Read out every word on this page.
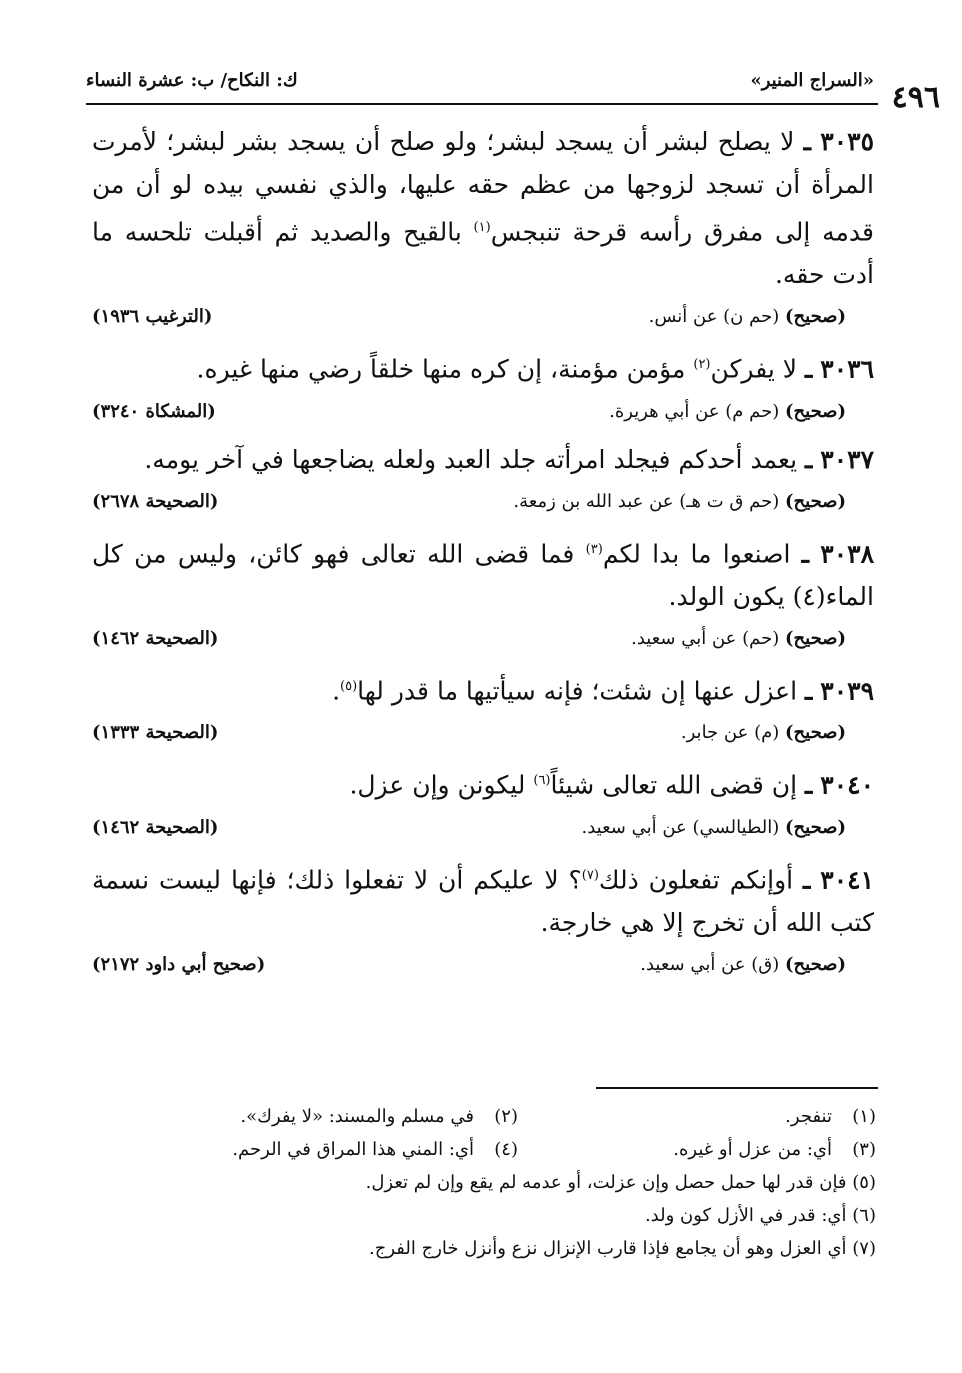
٤٩٦
«السراج المنير»
ك: النكاح/ ب: عشرة النساء

٣٠٣٥ ـ لا يصلح لبشر أن يسجد لبشر؛ ولو صلح أن يسجد بشر لبشر؛ لأمرت المرأة أن تسجد لزوجها من عظم حقه عليها، والذي نفسي بيده لو أن من قدمه إلى مفرق رأسه قرحة تنبجس$^{(١)}$ بالقيح والصديد ثم أقبلت تلحسه ما أدت حقه.

(صحيح) (حم ن) عن أنس.
(الترغيب ١٩٣٦)

٣٠٣٦ ـ لا يفركن$^{(٢)}$ مؤمن مؤمنة، إن كره منها خلقاً رضي منها غيره.

(صحيح) (حم م) عن أبي هريرة.
(المشكاة ٣٢٤٠)

٣٠٣٧ ـ يعمد أحدكم فيجلد امرأته جلد العبد ولعله يضاجعها في آخر يومه.

(صحيح) (حم ق ت هـ) عن عبد الله بن زمعة.
(الصحيحة ٢٦٧٨)

٣٠٣٨ ـ اصنعوا ما بدا لكم$^{(٣)}$ فما قضى الله تعالى فهو كائن، وليس من كل الماء(٤) يكون الولد.

(صحيح) (حم) عن أبي سعيد.
(الصحيحة ١٤٦٢)

٣٠٣٩ ـ اعزل عنها إن شئت؛ فإنه سيأتيها ما قدر لها$^{(٥)}$.

(صحيح) (م) عن جابر.
(الصحيحة ١٣٣٣)

٣٠٤٠ ـ إن قضى الله تعالى شيئاً$^{(٦)}$ ليكونن وإن عزل.

(صحيح) (الطيالسي) عن أبي سعيد.
(الصحيحة ١٤٦٢)

٣٠٤١ ـ أوإنكم تفعلون ذلك$^{(٧)}$؟ لا عليكم أن لا تفعلوا ذلك؛ فإنها ليست نسمة كتب الله أن تخرج إلا هي خارجة.

(صحيح) (ق) عن أبي سعيد.
(صحيح أبي داود ٢١٧٢)
(١)
تنفجر.
(٢)
في مسلم والمسند: «لا يفرك».
(٣)
أي: من عزل أو غيره.
(٤)
أي: المني هذا المراق في الرحم.
(٥) فإن قدر لها حمل حصل وإن عزلت، أو عدمه لم يقع وإن لم تعزل.
(٦) أي: قدر في الأزل كون ولد.
(٧) أي العزل وهو أن يجامع فإذا قارب الإنزال نزع وأنزل خارج الفرج.
